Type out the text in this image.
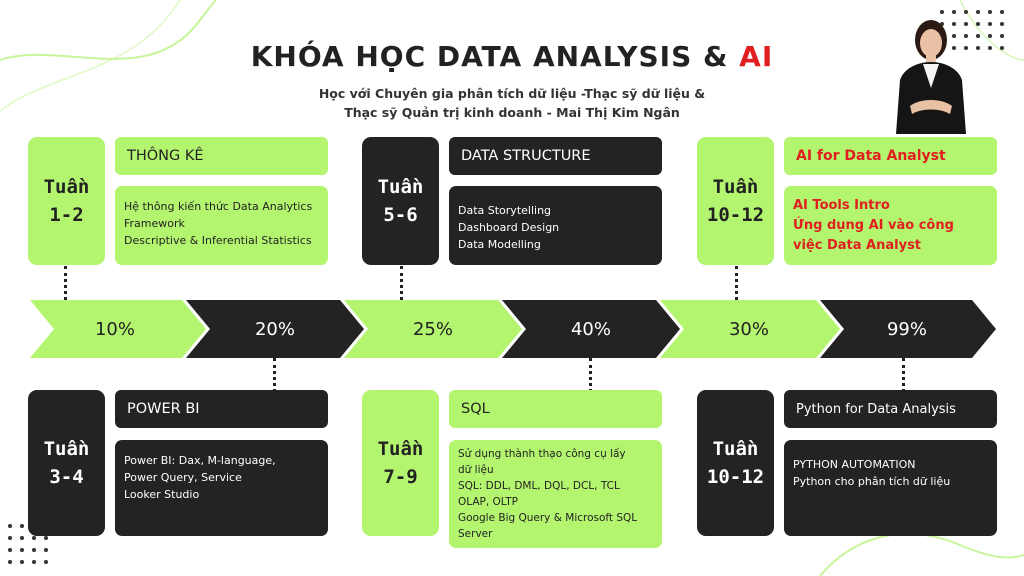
KHÓA HỌC DATA ANALYSIS & AI
Học với Chuyên gia phân tích dữ liệu -Thạc sỹ dữ liệu &
Thạc sỹ Quản trị kinh doanh - Mai Thị Kim Ngân
10%	20%	25%	40%	30%	99%
Tuần
1-2
THÔNG KÊ
Hệ thông kiến thức Data Analytics
Framework
Descriptive & Inferential Statistics
Tuần
5-6
DATA STRUCTURE
Data Storytelling
Dashboard Design
Data Modelling
Tuần
10-12
AI for Data Analyst
AI Tools Intro
Ứng dụng AI vào công
việc Data Analyst
Tuần
3-4
POWER BI
Power BI: Dax, M-language,
Power Query, Service
Looker Studio
Tuần
7-9
SQL
Sử dụng thành thạo công cụ lấy
dữ liệu
SQL: DDL, DML, DQL, DCL, TCL
OLAP, OLTP
Google Big Query & Microsoft SQL
Server
Tuần
10-12
Python for Data Analysis
PYTHON AUTOMATION
Python cho phân tích dữ liệu
